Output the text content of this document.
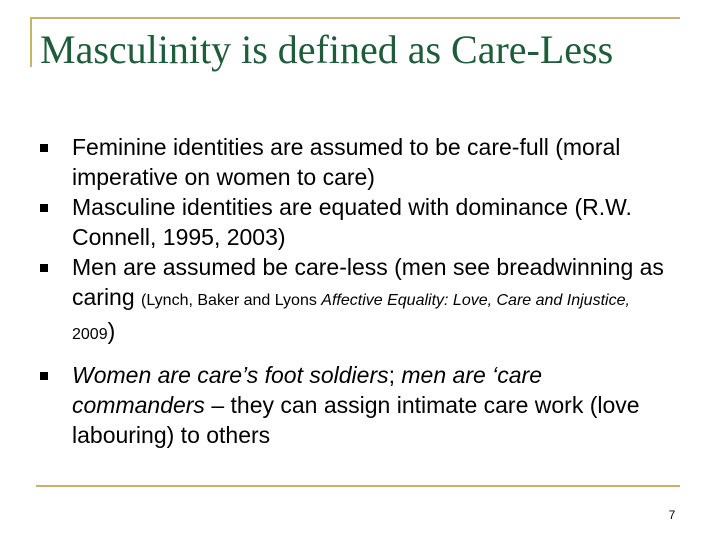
Masculinity is defined as Care-Less
Feminine identities are assumed to be care-full (moral imperative on women to care)
Masculine identities are equated with dominance (R.W. Connell, 1995, 2003)
Men are assumed be care-less (men see breadwinning as caring (Lynch, Baker and Lyons Affective Equality: Love, Care and Injustice, 2009)
Women are care’s foot soldiers; men are ‘care commanders – they can assign intimate care work (love labouring) to others
7
